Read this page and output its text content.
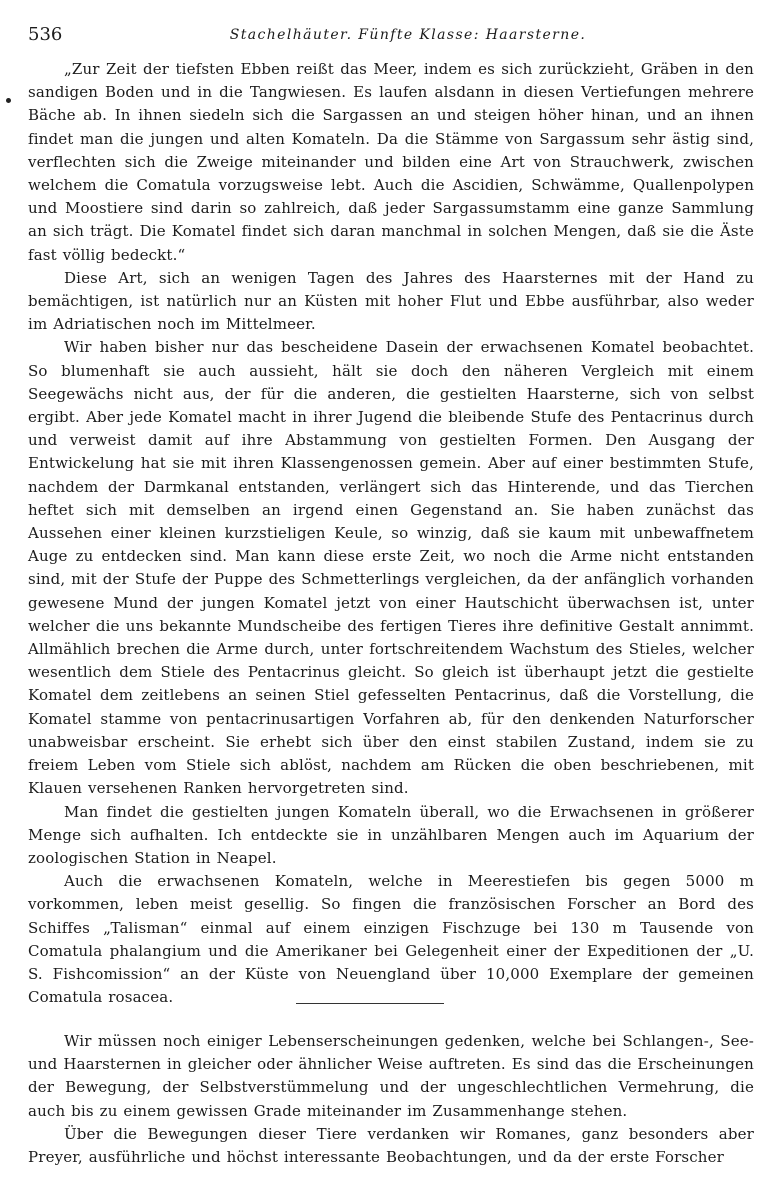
536	Stachelhäuter. Fünfte Klasse: Haarsterne.

„Zur Zeit der tiefsten Ebben reißt das Meer, indem es sich zurückzieht, Gräben in den sandigen Boden und in die Tangwiesen. Es laufen alsdann in diesen Vertiefungen mehrere Bäche ab. In ihnen siedeln sich die Sargassen an und steigen höher hinan, und an ihnen findet man die jungen und alten Komateln. Da die Stämme von Sargassum sehr ästig sind, verflechten sich die Zweige miteinander und bilden eine Art von Strauchwerk, zwischen welchem die Comatula vorzugsweise lebt. Auch die Ascidien, Schwämme, Quallenpolypen und Moostiere sind darin so zahlreich, daß jeder Sargassumstamm eine ganze Sammlung an sich trägt. Die Komatel findet sich daran manchmal in solchen Mengen, daß sie die Äste fast völlig bedeckt.“

Diese Art, sich an wenigen Tagen des Jahres des Haarsternes mit der Hand zu bemächtigen, ist natürlich nur an Küsten mit hoher Flut und Ebbe ausführbar, also weder im Adriatischen noch im Mittelmeer.

Wir haben bisher nur das bescheidene Dasein der erwachsenen Komatel beobachtet. So blumenhaft sie auch aussieht, hält sie doch den näheren Vergleich mit einem Seegewächs nicht aus, der für die anderen, die gestielten Haarsterne, sich von selbst ergibt. Aber jede Komatel macht in ihrer Jugend die bleibende Stufe des Pentacrinus durch und verweist damit auf ihre Abstammung von gestielten Formen. Den Ausgang der Entwickelung hat sie mit ihren Klassengenossen gemein. Aber auf einer bestimmten Stufe, nachdem der Darmkanal entstanden, verlängert sich das Hinterende, und das Tierchen heftet sich mit demselben an irgend einen Gegenstand an. Sie haben zunächst das Aussehen einer kleinen kurzstieligen Keule, so winzig, daß sie kaum mit unbewaffnetem Auge zu entdecken sind. Man kann diese erste Zeit, wo noch die Arme nicht entstanden sind, mit der Stufe der Puppe des Schmetterlings vergleichen, da der anfänglich vorhanden gewesene Mund der jungen Komatel jetzt von einer Hautschicht überwachsen ist, unter welcher die uns bekannte Mundscheibe des fertigen Tieres ihre definitive Gestalt annimmt. Allmählich brechen die Arme durch, unter fortschreitendem Wachstum des Stieles, welcher wesentlich dem Stiele des Pentacrinus gleicht. So gleich ist überhaupt jetzt die gestielte Komatel dem zeitlebens an seinen Stiel gefesselten Pentacrinus, daß die Vorstellung, die Komatel stamme von pentacrinusartigen Vorfahren ab, für den denkenden Naturforscher unabweisbar erscheint. Sie erhebt sich über den einst stabilen Zustand, indem sie zu freiem Leben vom Stiele sich ablöst, nachdem am Rücken die oben beschriebenen, mit Klauen versehenen Ranken hervorgetreten sind.

Man findet die gestielten jungen Komateln überall, wo die Erwachsenen in größerer Menge sich aufhalten. Ich entdeckte sie in unzählbaren Mengen auch im Aquarium der zoologischen Station in Neapel.

Auch die erwachsenen Komateln, welche in Meerestiefen bis gegen 5000 m vorkommen, leben meist gesellig. So fingen die französischen Forscher an Bord des Schiffes „Talisman“ einmal auf einem einzigen Fischzuge bei 130 m Tausende von Comatula phalangium und die Amerikaner bei Gelegenheit einer der Expeditionen der „U. S. Fishcomission“ an der Küste von Neuengland über 10,000 Exemplare der gemeinen Comatula rosacea.

Wir müssen noch einiger Lebenserscheinungen gedenken, welche bei Schlangen-, See- und Haarsternen in gleicher oder ähnlicher Weise auftreten. Es sind das die Erscheinungen der Bewegung, der Selbstverstümmelung und der ungeschlechtlichen Vermehrung, die auch bis zu einem gewissen Grade miteinander im Zusammenhange stehen.

Über die Bewegungen dieser Tiere verdanken wir Romanes, ganz besonders aber Preyer, ausführliche und höchst interessante Beobachtungen, und da der erste Forscher
